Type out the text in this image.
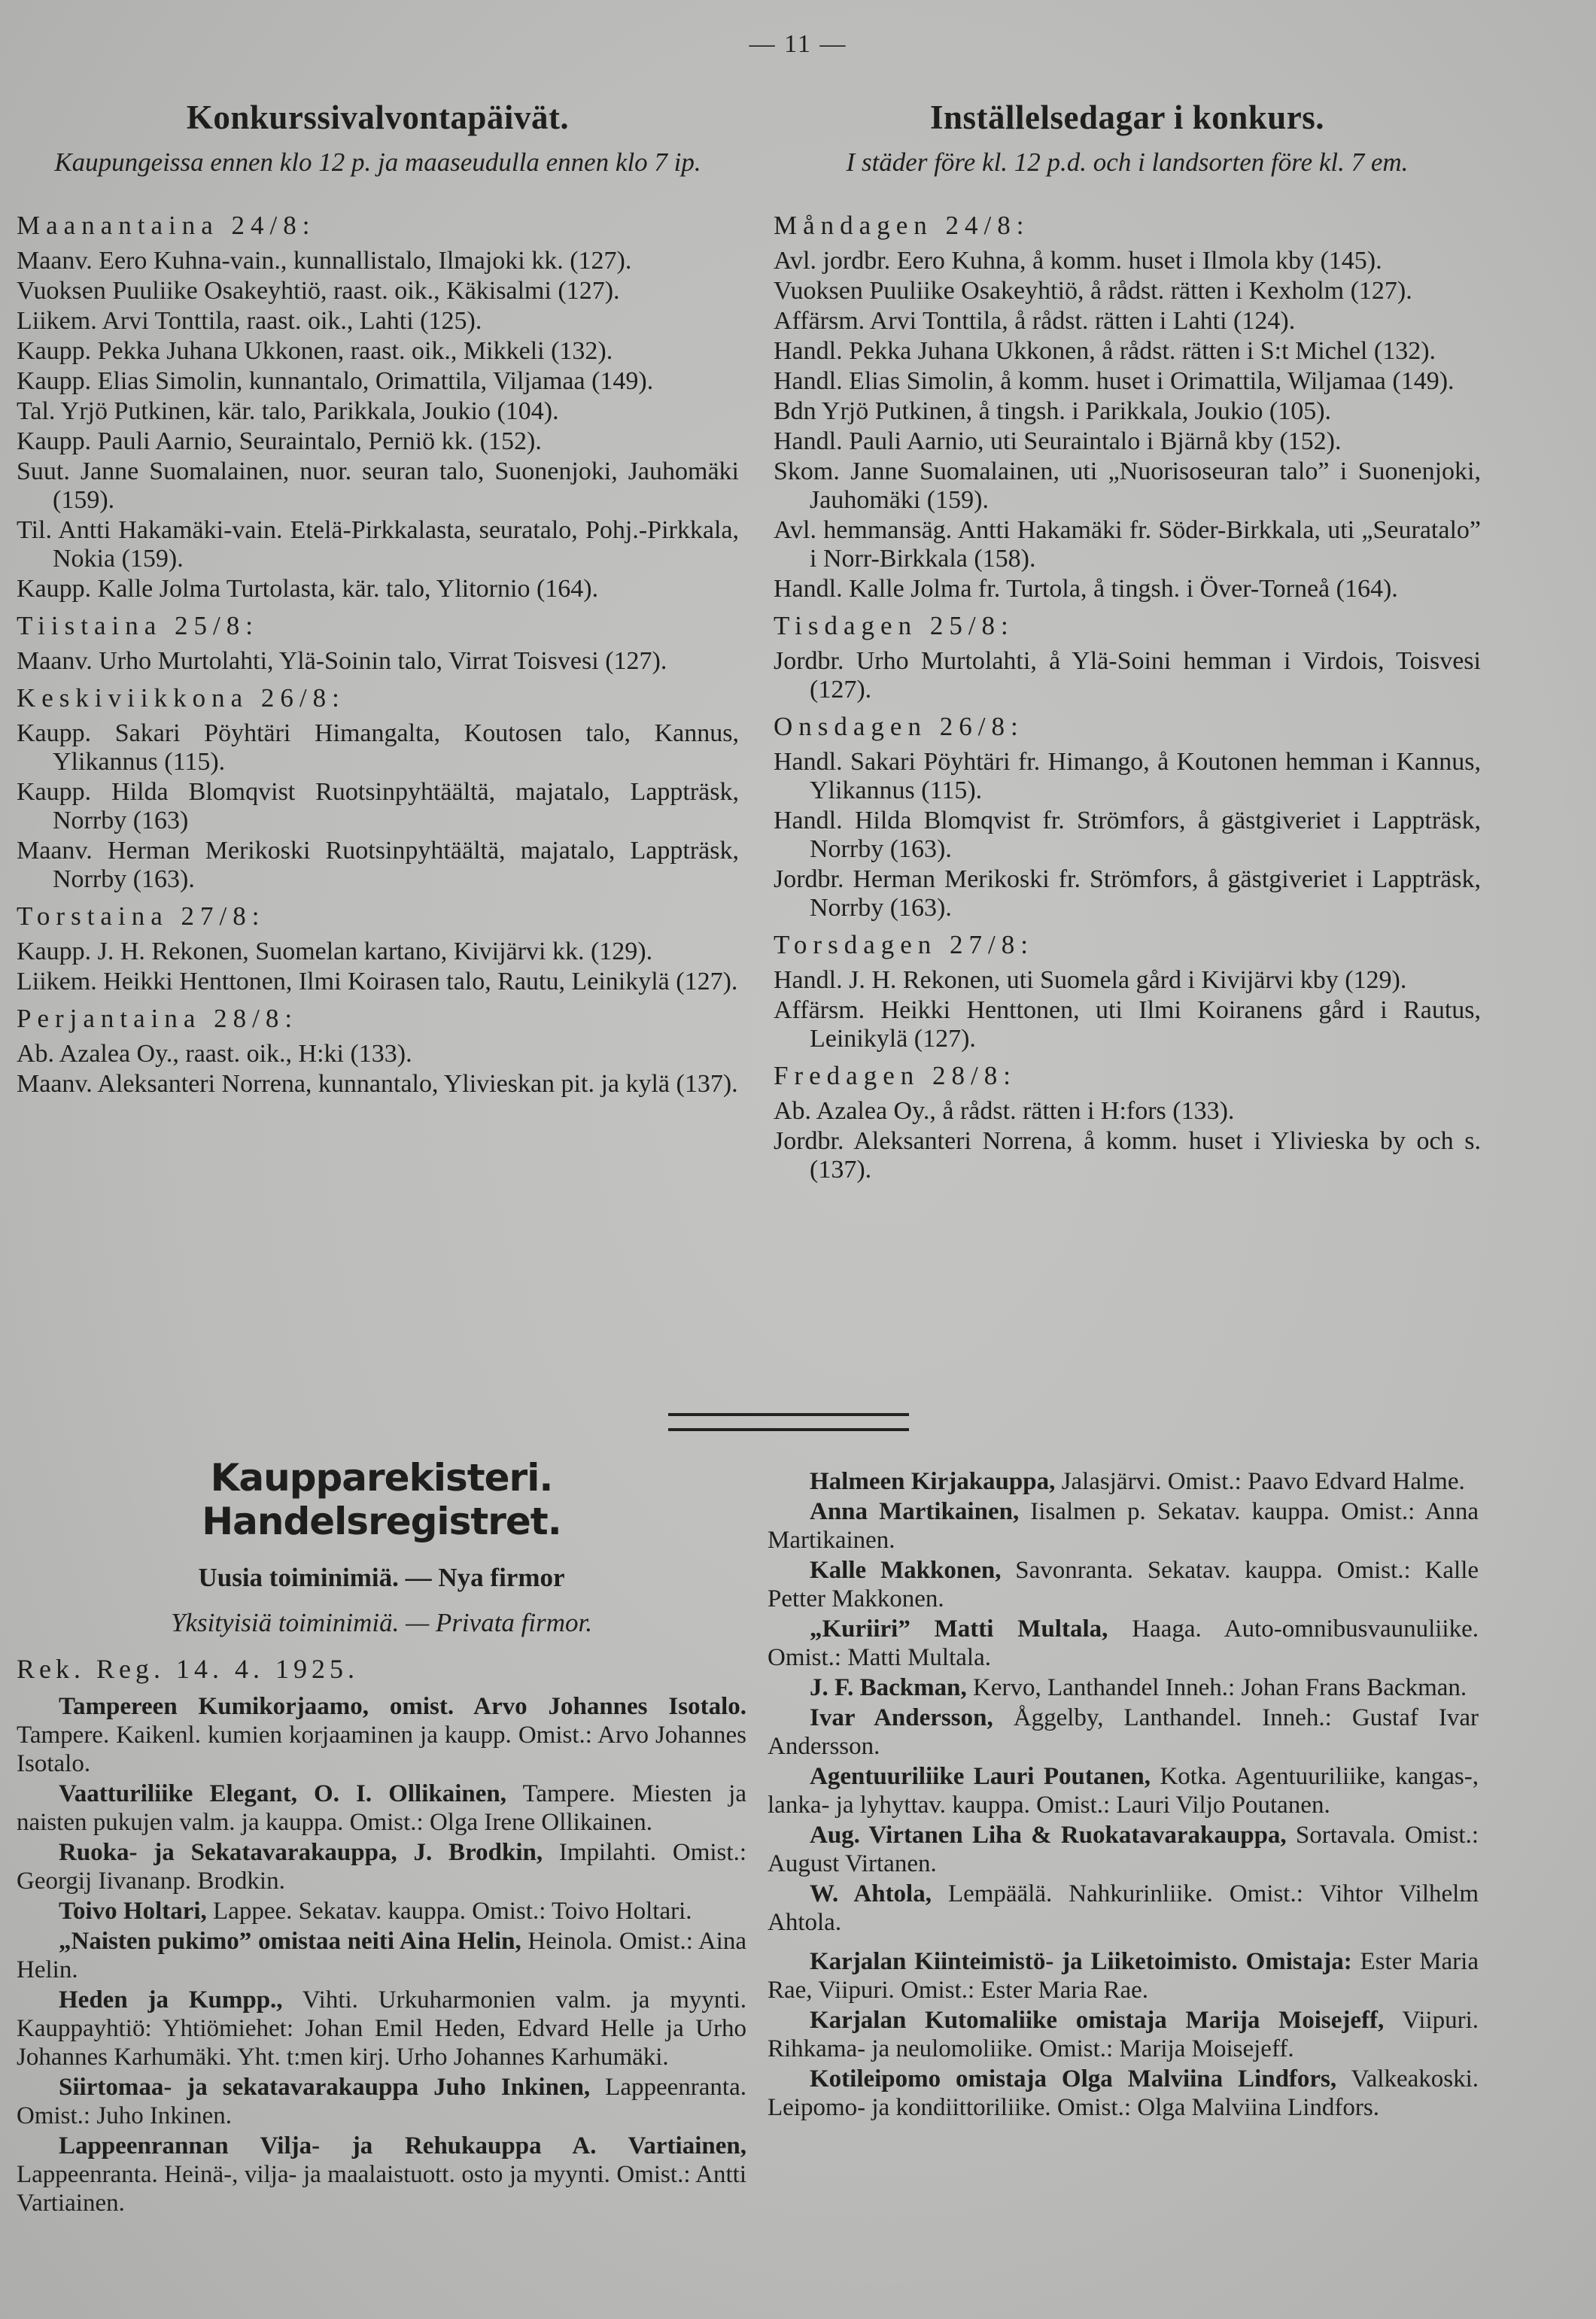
— 11 —
Konkurssivalvontapäivät.
Kaupungeissa ennen klo 12 p. ja maaseudulla ennen klo 7 ip.
Maanantaina 24/8:
Maanv. Eero Kuhna-vain., kunnallistalo, Ilmajoki kk. (127).
Vuoksen Puuliike Osakeyhtiö, raast. oik., Käkisalmi (127).
Liikem. Arvi Tonttila, raast. oik., Lahti (125).
Kaupp. Pekka Juhana Ukkonen, raast. oik., Mikkeli (132).
Kaupp. Elias Simolin, kunnantalo, Orimattila, Viljamaa (149).
Tal. Yrjö Putkinen, kär. talo, Parikkala, Joukio (104).
Kaupp. Pauli Aarnio, Seuraintalo, Perniö kk. (152).
Suut. Janne Suomalainen, nuor. seuran talo, Suonenjoki, Jauhomäki (159).
Til. Antti Hakamäki-vain. Etelä-Pirkkalasta, seuratalo, Pohj.-Pirkkala, Nokia (159).
Kaupp. Kalle Jolma Turtolasta, kär. talo, Ylitornio (164).
Tiistaina 25/8:
Maanv. Urho Murtolahti, Ylä-Soinin talo, Virrat Toisvesi (127).
Keskiviikkona 26/8:
Kaupp. Sakari Pöyhtäri Himangalta, Koutosen talo, Kannus, Ylikannus (115).
Kaupp. Hilda Blomqvist Ruotsinpyhtäältä, majatalo, Lappträsk, Norrby (163)
Maanv. Herman Merikoski Ruotsinpyhtäältä, majatalo, Lappträsk, Norrby (163).
Torstaina 27/8:
Kaupp. J. H. Rekonen, Suomelan kartano, Kivijärvi kk. (129).
Liikem. Heikki Henttonen, Ilmi Koirasen talo, Rautu, Leinikylä (127).
Perjantaina 28/8:
Ab. Azalea Oy., raast. oik., H:ki (133).
Maanv. Aleksanteri Norrena, kunnantalo, Ylivieskan pit. ja kylä (137).
Inställelsedagar i konkurs.
I städer före kl. 12 p.d. och i landsorten före kl. 7 em.
Måndagen 24/8:
Avl. jordbr. Eero Kuhna, å komm. huset i Ilmola kby (145).
Vuoksen Puuliike Osakeyhtiö, å rådst. rätten i Kexholm (127).
Affärsm. Arvi Tonttila, å rådst. rätten i Lahti (124).
Handl. Pekka Juhana Ukkonen, å rådst. rätten i S:t Michel (132).
Handl. Elias Simolin, å komm. huset i Orimattila, Wiljamaa (149).
Bdn Yrjö Putkinen, å tingsh. i Parikkala, Joukio (105).
Handl. Pauli Aarnio, uti Seuraintalo i Bjärnå kby (152).
Skom. Janne Suomalainen, uti „Nuorisoseuran talo” i Suonenjoki, Jauhomäki (159).
Avl. hemmansäg. Antti Hakamäki fr. Söder-Birkkala, uti „Seuratalo” i Norr-Birkkala (158).
Handl. Kalle Jolma fr. Turtola, å tingsh. i Över-Torneå (164).
Tisdagen 25/8:
Jordbr. Urho Murtolahti, å Ylä-Soini hemman i Virdois, Toisvesi (127).
Onsdagen 26/8:
Handl. Sakari Pöyhtäri fr. Himango, å Koutonen hemman i Kannus, Ylikannus (115).
Handl. Hilda Blomqvist fr. Strömfors, å gästgiveriet i Lappträsk, Norrby (163).
Jordbr. Herman Merikoski fr. Strömfors, å gästgiveriet i Lappträsk, Norrby (163).
Torsdagen 27/8:
Handl. J. H. Rekonen, uti Suomela gård i Kivijärvi kby (129).
Affärsm. Heikki Henttonen, uti Ilmi Koiranens gård i Rautus, Leinikylä (127).
Fredagen 28/8:
Ab. Azalea Oy., å rådst. rätten i H:fors (133).
Jordbr. Aleksanteri Norrena, å komm. huset i Ylivieska by och s. (137).
Kaupparekisteri. Handelsregistret.
Uusia toiminimiä. — Nya firmor
Yksityisiä toiminimiä. — Privata firmor.
Rek. Reg. 14. 4. 1925.
Tampereen Kumikorjaamo, omist. Arvo Johannes Isotalo. Tampere. Kaikenl. kumien korjaaminen ja kaupp. Omist.: Arvo Johannes Isotalo.
Vaatturiliike Elegant, O. I. Ollikainen, Tampere. Miesten ja naisten pukujen valm. ja kauppa. Omist.: Olga Irene Ollikainen.
Ruoka- ja Sekatavarakauppa, J. Brodkin, Impilahti. Omist.: Georgij Iivananp. Brodkin.
Toivo Holtari, Lappee. Sekatav. kauppa. Omist.: Toivo Holtari.
„Naisten pukimo” omistaa neiti Aina Helin, Heinola. Omist.: Aina Helin.
Heden ja Kumpp., Vihti. Urkuharmonien valm. ja myynti. Kauppayhtiö: Yhtiömiehet: Johan Emil Heden, Edvard Helle ja Urho Johannes Karhumäki. Yht. t:men kirj. Urho Johannes Karhumäki.
Siirtomaa- ja sekatavarakauppa Juho Inkinen, Lappeenranta. Omist.: Juho Inkinen.
Lappeenrannan Vilja- ja Rehukauppa A. Vartiainen, Lappeenranta. Heinä-, vilja- ja maalaistuott. osto ja myynti. Omist.: Antti Vartiainen.
Halmeen Kirjakauppa, Jalasjärvi. Omist.: Paavo Edvard Halme.
Anna Martikainen, Iisalmen p. Sekatav. kauppa. Omist.: Anna Martikainen.
Kalle Makkonen, Savonranta. Sekatav. kauppa. Omist.: Kalle Petter Makkonen.
„Kuriiri” Matti Multala, Haaga. Auto-omnibusvaunuliike. Omist.: Matti Multala.
J. F. Backman, Kervo, Lanthandel Inneh.: Johan Frans Backman.
Ivar Andersson, Åggelby, Lanthandel. Inneh.: Gustaf Ivar Andersson.
Agentuuriliike Lauri Poutanen, Kotka. Agentuuriliike, kangas-, lanka- ja lyhyttav. kauppa. Omist.: Lauri Viljo Poutanen.
Aug. Virtanen Liha & Ruokatavarakauppa, Sortavala. Omist.: August Virtanen.
W. Ahtola, Lempäälä. Nahkurinliike. Omist.: Vihtor Vilhelm Ahtola.
Karjalan Kiinteimistö- ja Liiketoimisto. Omistaja: Ester Maria Rae, Viipuri. Omist.: Ester Maria Rae.
Karjalan Kutomaliike omistaja Marija Moisejeff, Viipuri. Rihkama- ja neulomoliike. Omist.: Marija Moisejeff.
Kotileipomo omistaja Olga Malviina Lindfors, Valkeakoski. Leipomo- ja kondiittoriliike. Omist.: Olga Malviina Lindfors.
